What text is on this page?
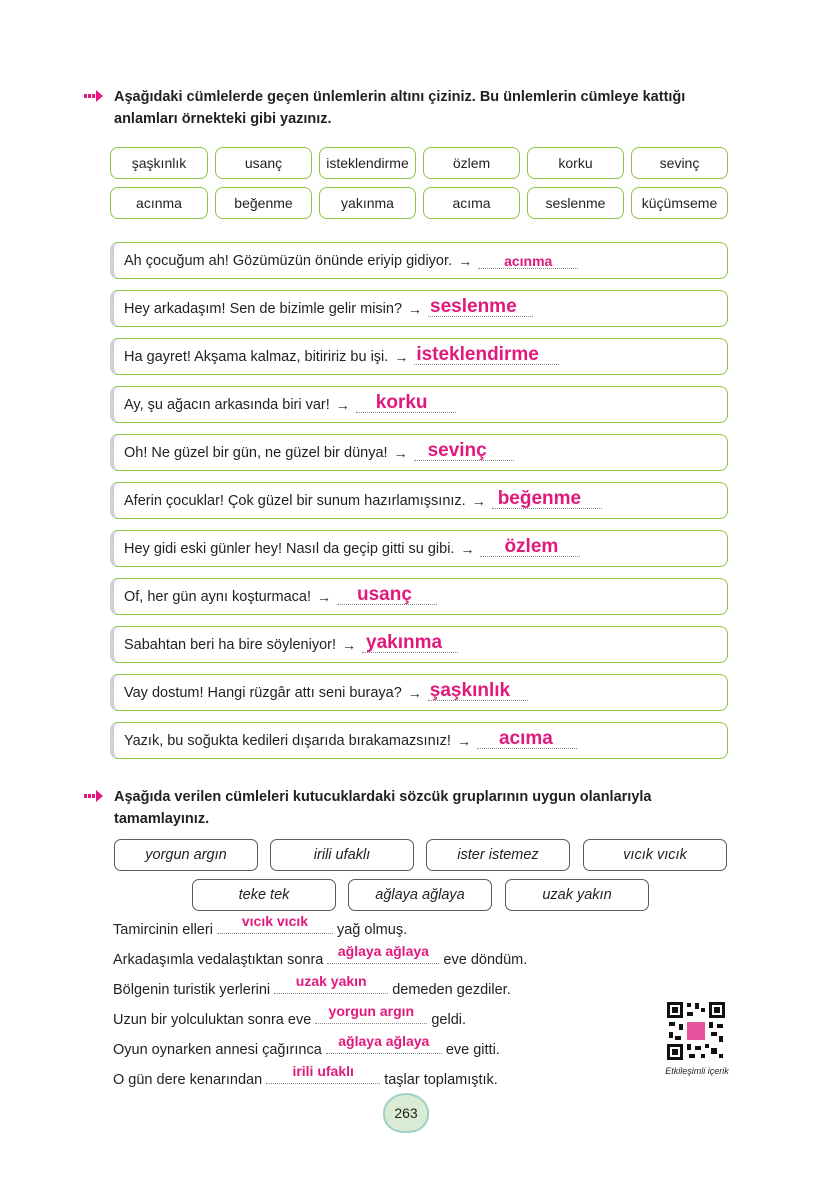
Aşağıdaki cümlelerde geçen ünlemlerin altını çiziniz. Bu ünlemlerin cümleye kattığı anlamları örnekteki gibi yazınız.
şaşkınlık	usanç	isteklendirme	özlem	korku	sevinç
acınma	beğenme	yakınma	acıma	seslenme	küçümseme
Ah çocuğum ah! Gözümüzün önünde eriyip gidiyor. → acınma
Hey arkadaşım! Sen de bizimle gelir misin? → seslenme
Ha gayret! Akşama kalmaz, bitiririz bu işi. → isteklendirme
Ay, şu ağacın arkasında biri var! → korku
Oh! Ne güzel bir gün, ne güzel bir dünya! → sevinç
Aferin çocuklar! Çok güzel bir sunum hazırlamışsınız. → beğenme
Hey gidi eski günler hey! Nasıl da geçip gitti su gibi. → özlem
Of, her gün aynı koşturmaca! → usanç
Sabahtan beri ha bire söyleniyor! → yakınma
Vay dostum! Hangi rüzgâr attı seni buraya? → şaşkınlık
Yazık, bu soğukta kedileri dışarıda bırakamazsınız! → acıma
Aşağıda verilen cümleleri kutucuklardaki sözcük gruplarının uygun olanlarıyla tamamlayınız.
yorgun argın	irili ufaklı	ister istemez	vıcık vıcık
teke tek	ağlaya ağlaya	uzak yakın
Tamircinin elleri
vıcık vıcık
yağ olmuş.
Arkadaşımla vedalaştıktan sonra
ağlaya ağlaya
eve döndüm.
Bölgenin turistik yerlerini
uzak yakın
demeden gezdiler.
Uzun bir yolculuktan sonra eve
yorgun argın
geldi.
Oyun oynarken annesi çağırınca
ağlaya ağlaya
eve gitti.
O gün dere kenarından
irili ufaklı
taşlar toplamıştık.
Etkileşimli içerik
263
